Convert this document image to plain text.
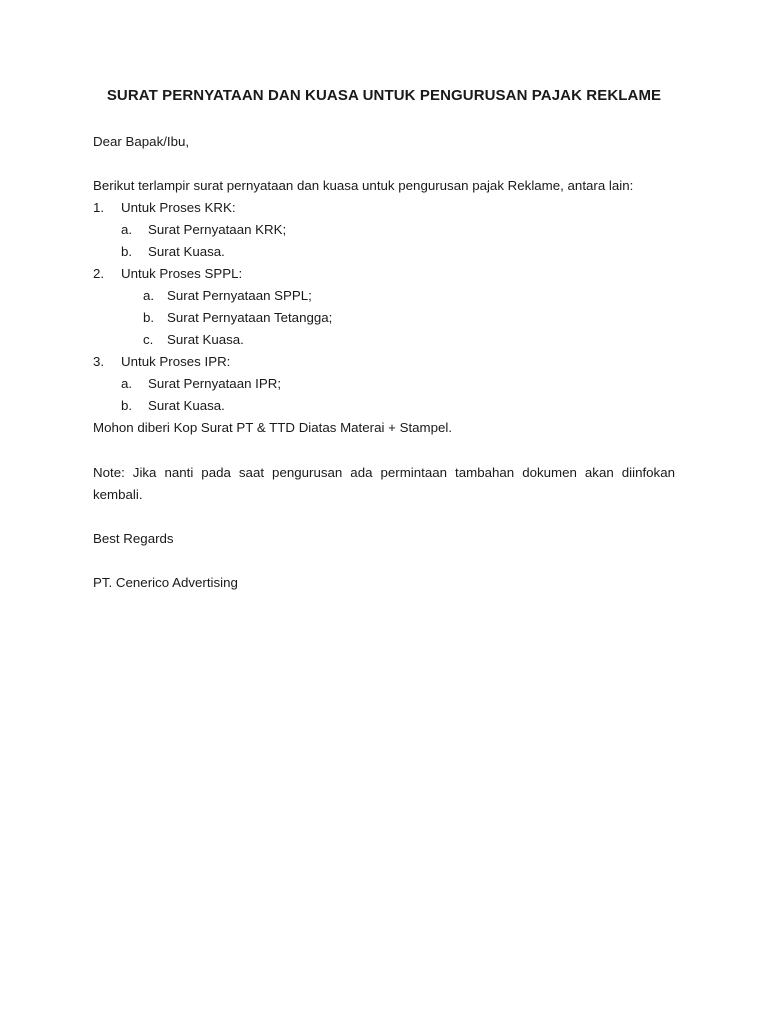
SURAT PERNYATAAN DAN KUASA UNTUK PENGURUSAN PAJAK REKLAME
Dear Bapak/Ibu,
Berikut terlampir surat pernyataan dan kuasa untuk pengurusan pajak Reklame, antara lain:
1. Untuk Proses KRK:
a. Surat Pernyataan KRK;
b. Surat Kuasa.
2. Untuk Proses SPPL:
a. Surat Pernyataan SPPL;
b. Surat Pernyataan Tetangga;
c. Surat Kuasa.
3. Untuk Proses IPR:
a. Surat Pernyataan IPR;
b. Surat Kuasa.
Mohon diberi Kop Surat PT & TTD Diatas Materai + Stampel.
Note: Jika nanti pada saat pengurusan ada permintaan tambahan dokumen akan diinfokan
kembali.
Best Regards
PT. Cenerico Advertising
